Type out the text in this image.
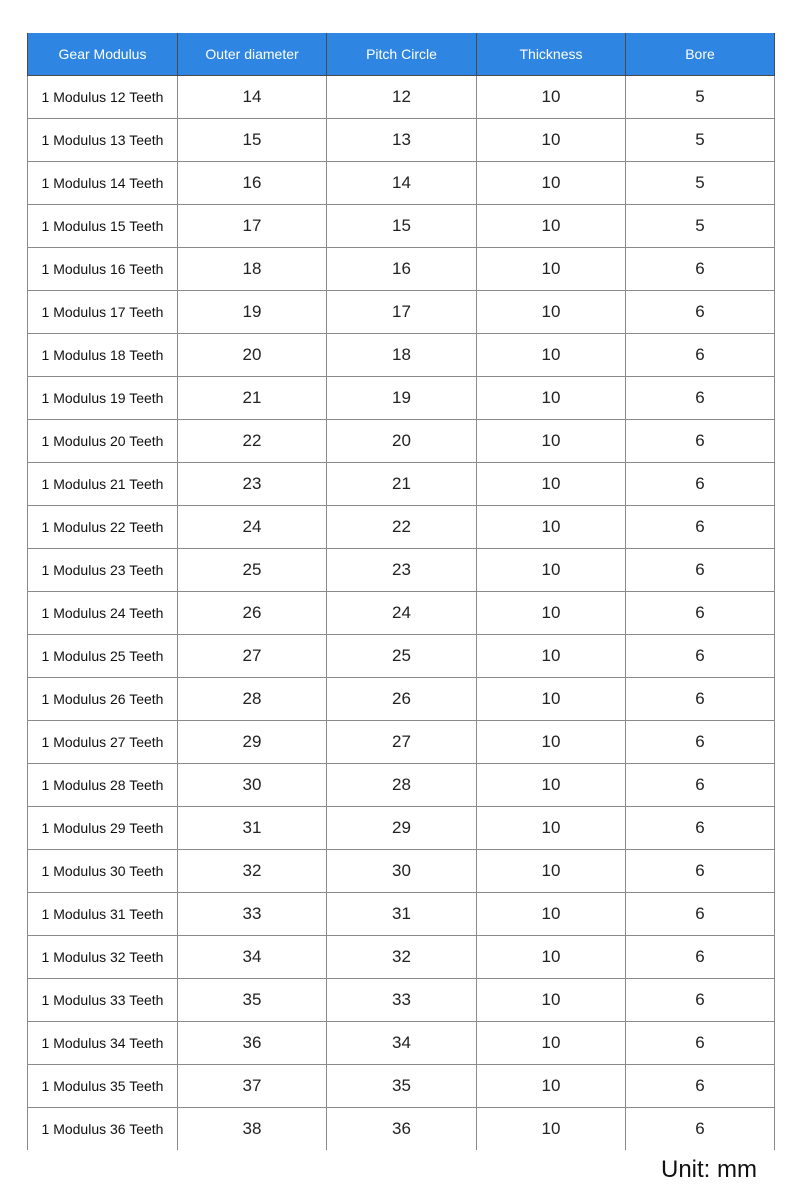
Gear Modulus	Outer diameter	Pitch Circle	Thickness	Bore
1 Modulus 12 Teeth	14	12	10	5
1 Modulus 13 Teeth	15	13	10	5
1 Modulus 14 Teeth	16	14	10	5
1 Modulus 15 Teeth	17	15	10	5
1 Modulus 16 Teeth	18	16	10	6
1 Modulus 17 Teeth	19	17	10	6
1 Modulus 18 Teeth	20	18	10	6
1 Modulus 19 Teeth	21	19	10	6
1 Modulus 20 Teeth	22	20	10	6
1 Modulus 21 Teeth	23	21	10	6
1 Modulus 22 Teeth	24	22	10	6
1 Modulus 23 Teeth	25	23	10	6
1 Modulus 24 Teeth	26	24	10	6
1 Modulus 25 Teeth	27	25	10	6
1 Modulus 26 Teeth	28	26	10	6
1 Modulus 27 Teeth	29	27	10	6
1 Modulus 28 Teeth	30	28	10	6
1 Modulus 29 Teeth	31	29	10	6
1 Modulus 30 Teeth	32	30	10	6
1 Modulus 31 Teeth	33	31	10	6
1 Modulus 32 Teeth	34	32	10	6
1 Modulus 33 Teeth	35	33	10	6
1 Modulus 34 Teeth	36	34	10	6
1 Modulus 35 Teeth	37	35	10	6
1 Modulus 36 Teeth	38	36	10	6
Unit: mm
